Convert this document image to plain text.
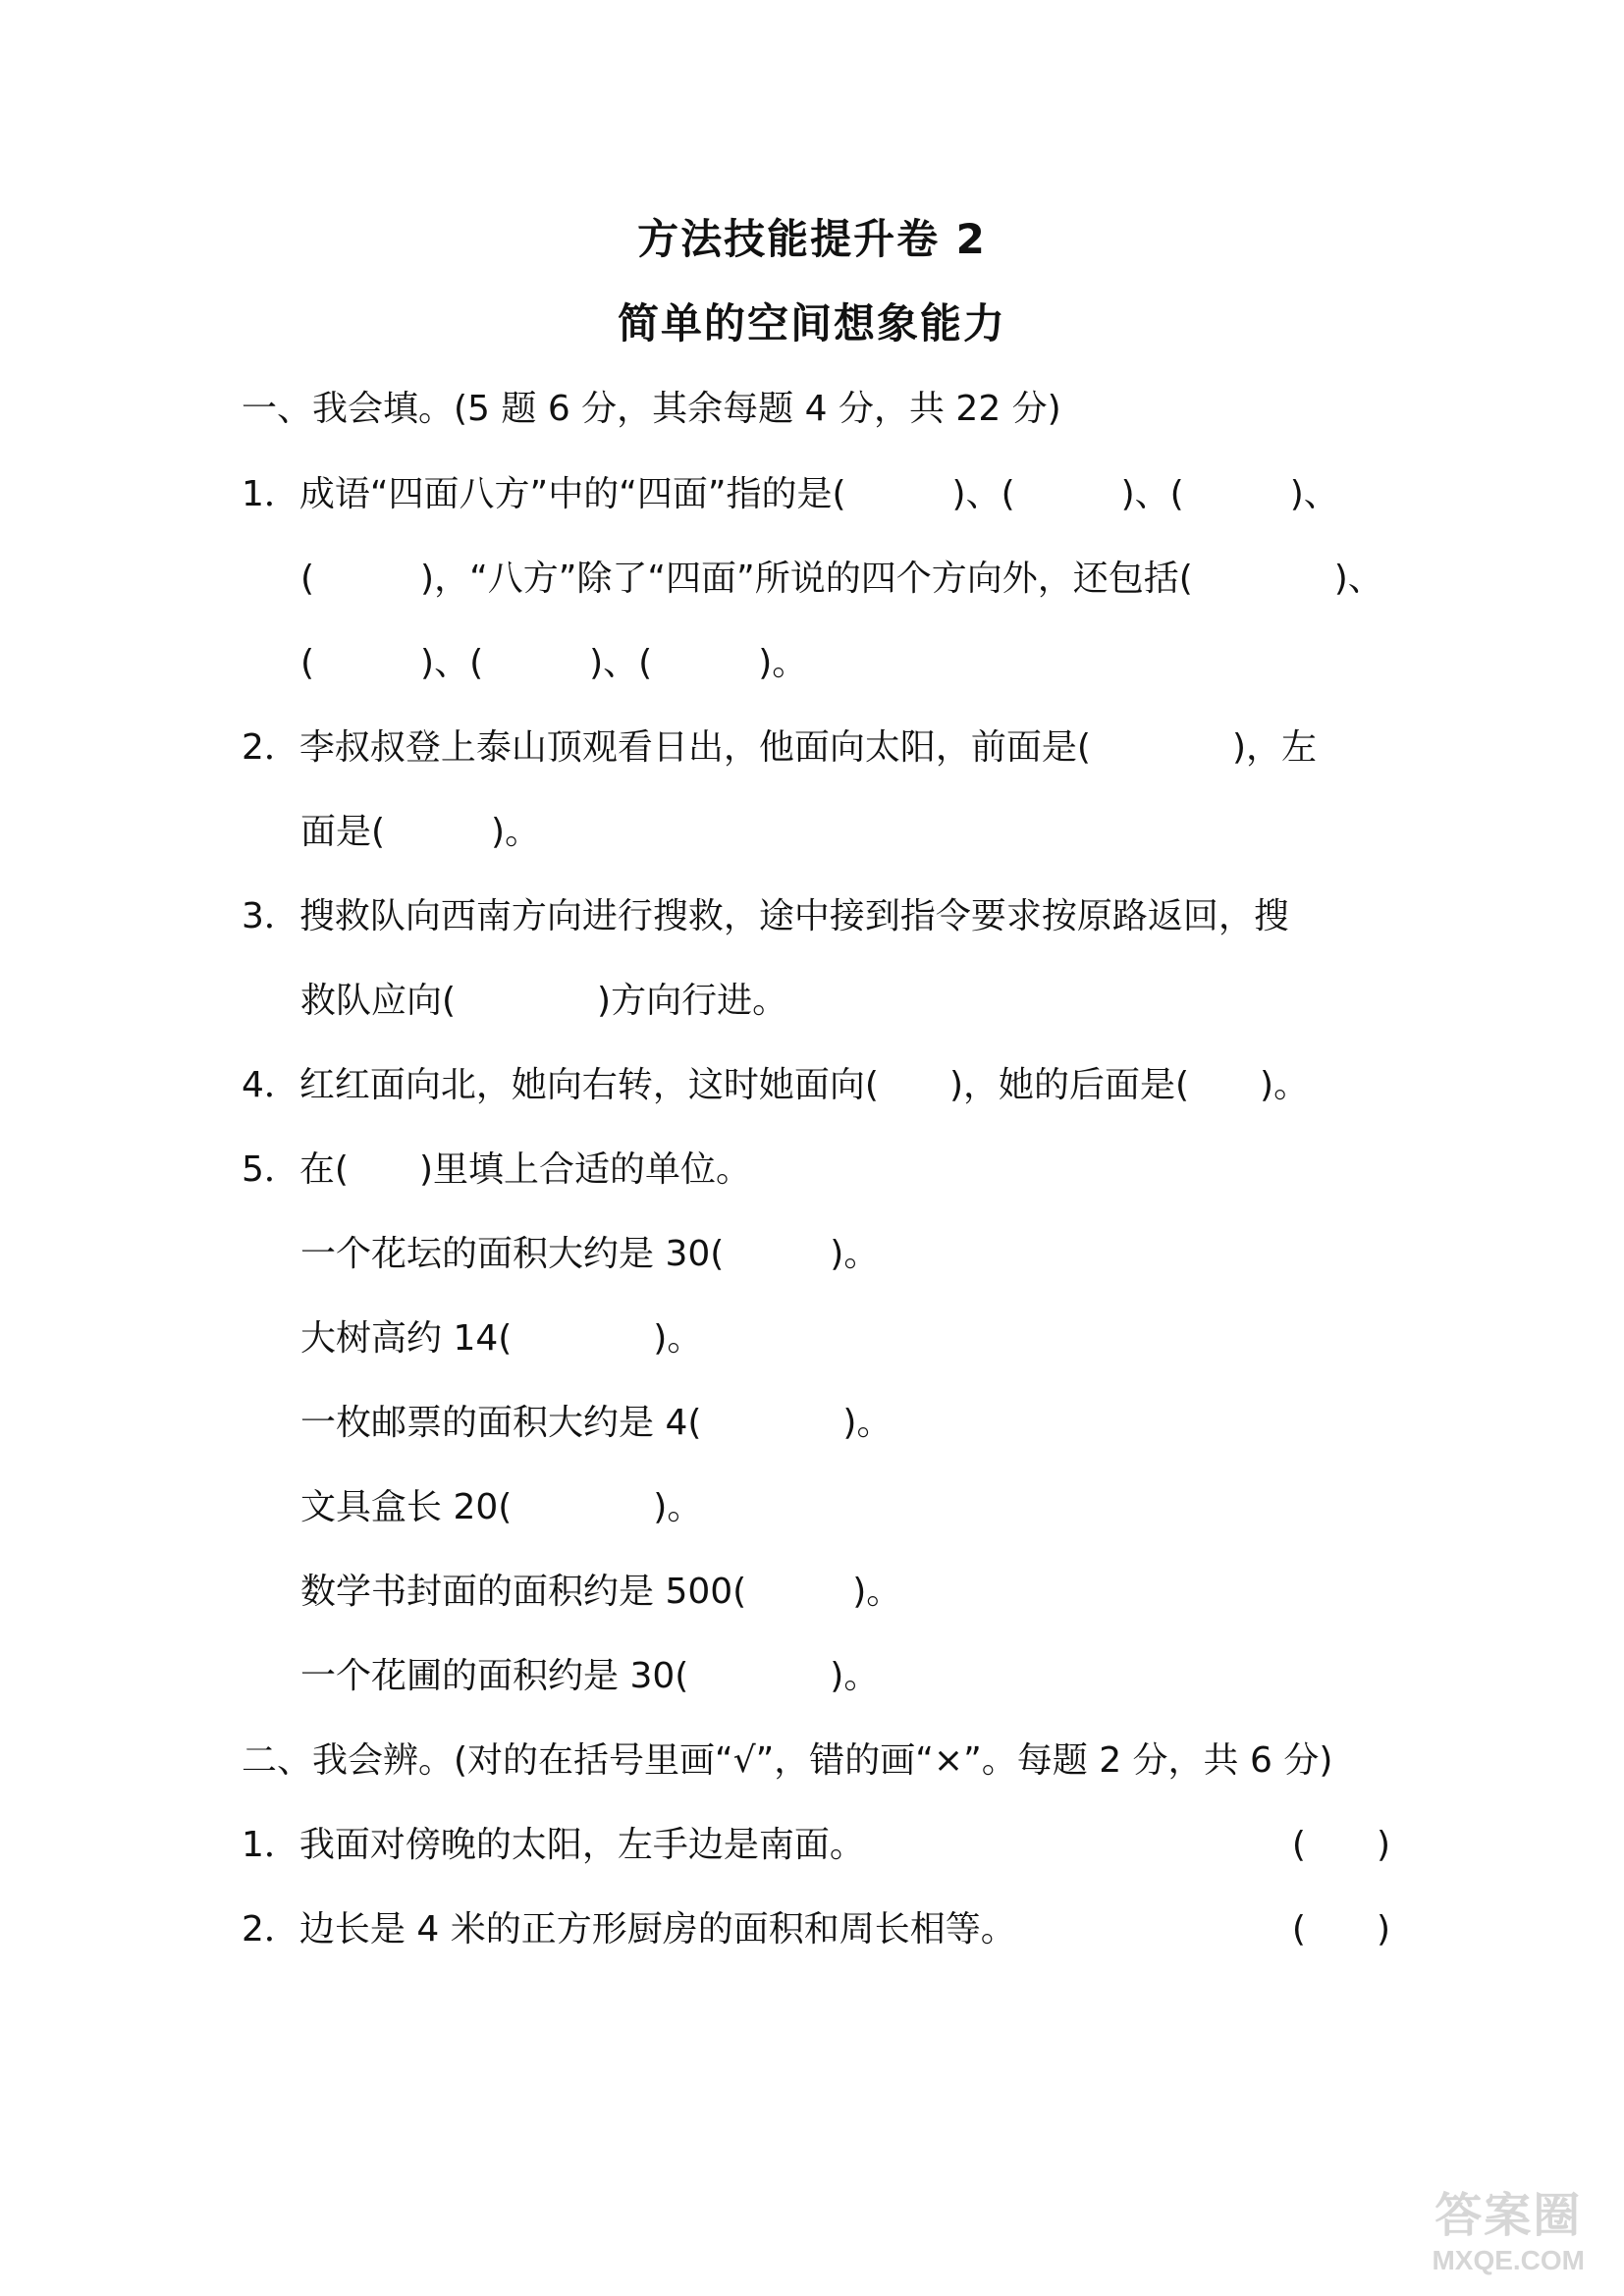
方法技能提升卷 2
简单的空间想象能力
一、我会填。(5 题 6 分，其余每题 4 分，共 22 分)
1．成语“四面八方”中的“四面”指的是(　　　)、(　　　)、(　　　)、
(　　　)，“八方”除了“四面”所说的四个方向外，还包括(　　　　)、
(　　　)、(　　　)、(　　　)。
2．李叔叔登上泰山顶观看日出，他面向太阳，前面是(　　　　)，左
面是(　　　)。
3．搜救队向西南方向进行搜救，途中接到指令要求按原路返回，搜
救队应向(　　　　)方向行进。
4．红红面向北，她向右转，这时她面向(　　)，她的后面是(　　)。
5．在(　　)里填上合适的单位。
一个花坛的面积大约是 30(　　　)。
大树高约 14(　　　　)。
一枚邮票的面积大约是 4(　　　　)。
文具盒长 20(　　　　)。
数学书封面的面积约是 500(　　　)。
一个花圃的面积约是 30(　　　　)。
二、我会辨。(对的在括号里画“√”，错的画“×”。每题 2 分，共 6 分)
1．我面对傍晚的太阳，左手边是南面。	(　　)
2．边长是 4 米的正方形厨房的面积和周长相等。	(　　)
答案圈
MXQE.COM
